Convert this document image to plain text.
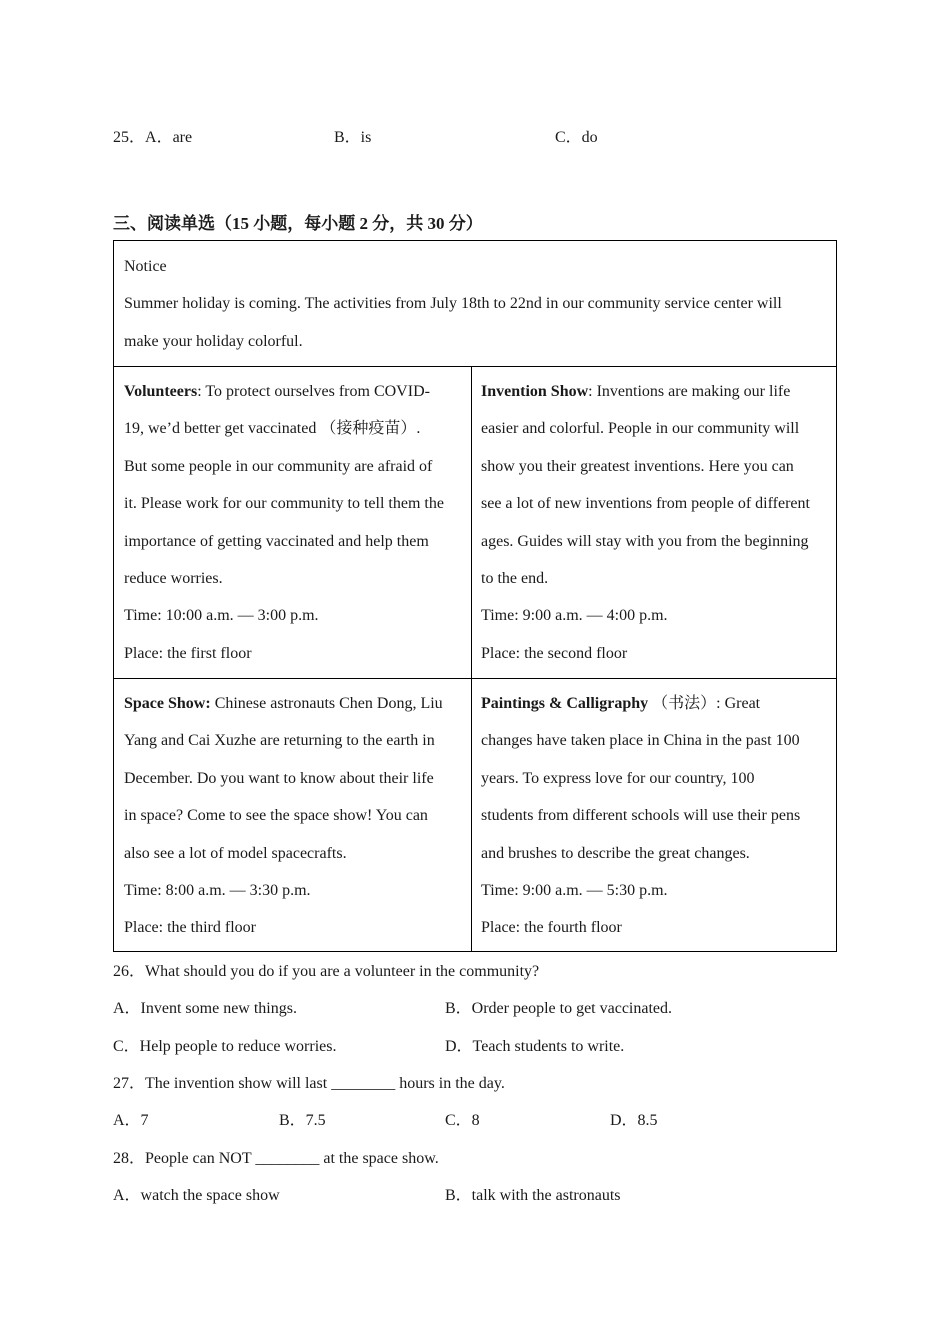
25．A．are	B．is	C．do
三、阅读单选（15 小题，每小题 2 分，共 30 分）
Notice
Summer holiday is coming. The activities from July 18th to 22nd in our community service center will
make your holiday colorful.
Volunteers: To protect ourselves from COVID-
19, we’d better get vaccinated （接种疫苗）.
But some people in our community are afraid of
it. Please work for our community to tell them the
importance of getting vaccinated and help them
reduce worries.
Time: 10:00 a.m. — 3:00 p.m.
Place: the first floor
Invention Show: Inventions are making our life
easier and colorful. People in our community will
show you their greatest inventions. Here you can
see a lot of new inventions from people of different
ages. Guides will stay with you from the beginning
to the end.
Time: 9:00 a.m. — 4:00 p.m.
Place: the second floor
Space Show: Chinese astronauts Chen Dong, Liu
Yang and Cai Xuzhe are returning to the earth in
December. Do you want to know about their life
in space? Come to see the space show! You can
also see a lot of model spacecrafts.
Time: 8:00 a.m. — 3:30 p.m.
Place: the third floor
Paintings & Calligraphy （书法）: Great
changes have taken place in China in the past 100
years. To express love for our country, 100
students from different schools will use their pens
and brushes to describe the great changes.
Time: 9:00 a.m. — 5:30 p.m.
Place: the fourth floor
26．What should you do if you are a volunteer in the community?
A．Invent some new things.	B．Order people to get vaccinated.
C．Help people to reduce worries.	D．Teach students to write.
27．The invention show will last ________ hours in the day.
A．7	B．7.5	C．8	D．8.5
28．People can NOT ________ at the space show.
A．watch the space show	B．talk with the astronauts
